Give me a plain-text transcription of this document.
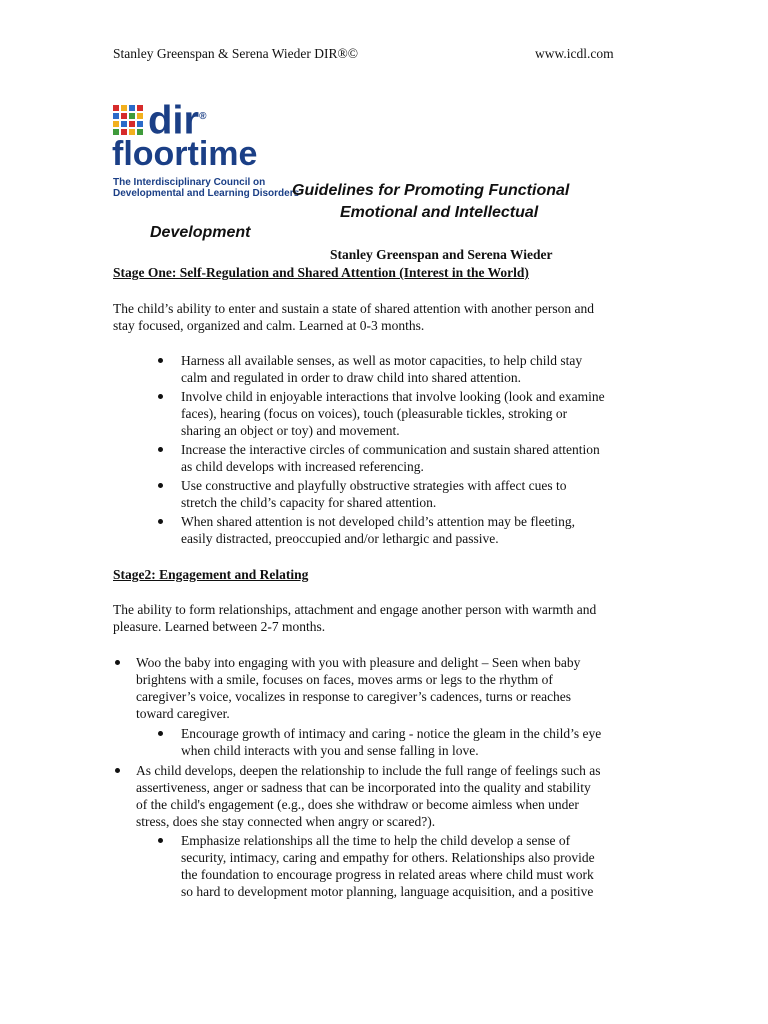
Stanley Greenspan & Serena Wieder DIR®©	www.icdl.com
dir®
floortime
The Interdisciplinary Council on
Developmental and Learning Disorders
Guidelines for Promoting Functional
Emotional and Intellectual
Development
Stanley Greenspan and Serena Wieder
Stage One: Self-Regulation and Shared Attention (Interest in the World)
The child’s ability to enter and sustain a state of shared attention with another person and
stay focused, organized and calm. Learned at 0-3 months.
Harness all available senses, as well as motor capacities, to help child stay
calm and regulated in order to draw child into shared attention.
Involve child in enjoyable interactions that involve looking (look and examine
faces), hearing (focus on voices), touch (pleasurable tickles, stroking or
sharing an object or toy) and movement.
Increase the interactive circles of communication and sustain shared attention
as child develops with increased referencing.
Use constructive and playfully obstructive strategies with affect cues to
stretch the child’s capacity for shared attention.
When shared attention is not developed child’s attention may be fleeting,
easily distracted, preoccupied and/or lethargic and passive.
Stage2: Engagement and Relating
The ability to form relationships, attachment and engage another person with warmth and
pleasure. Learned between 2-7 months.
Woo the baby into engaging with you with pleasure and delight – Seen when baby
brightens with a smile, focuses on faces, moves arms or legs to the rhythm of
caregiver’s voice, vocalizes in response to caregiver’s cadences, turns or reaches
toward caregiver.
Encourage growth of intimacy and caring - notice the gleam in the child’s eye
when child interacts with you and sense falling in love.
As child develops, deepen the relationship to include the full range of feelings such as
assertiveness, anger or sadness that can be incorporated into the quality and stability
of the child's engagement (e.g., does she withdraw or become aimless when under
stress, does she stay connected when angry or scared?).
Emphasize relationships all the time to help the child develop a sense of
security, intimacy, caring and empathy for others. Relationships also provide
the foundation to encourage progress in related areas where child must work
so hard to development motor planning, language acquisition, and a positive
